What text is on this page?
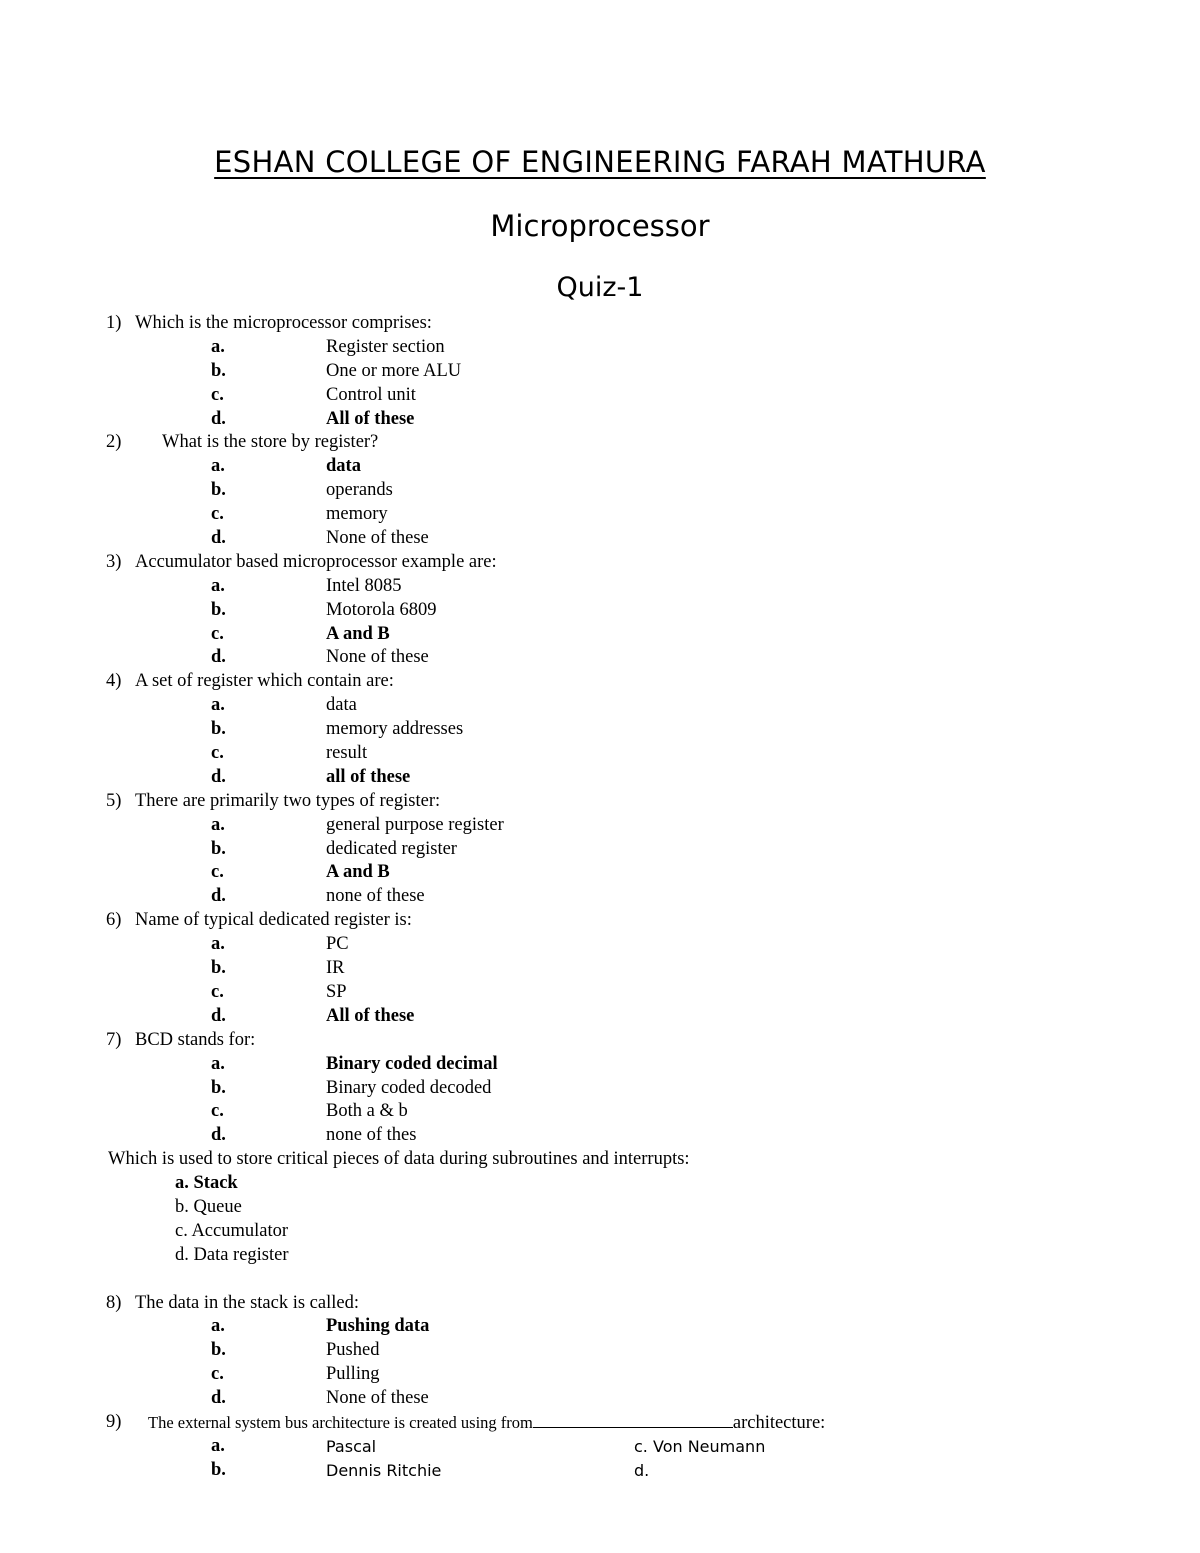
ESHAN COLLEGE OF ENGINEERING FARAH MATHURA
Microprocessor
Quiz-1
1) Which is the microprocessor comprises:
a.	Register section
b.	One or more ALU
c.	Control unit
d.	All of these
2) What is the store by register?
a.	data
b.	operands
c.	memory
d.	None of these
3) Accumulator based microprocessor example are:
a.	Intel 8085
b.	Motorola 6809
c.	A and B
d.	None of these
4) A set of register which contain are:
a.	data
b.	memory addresses
c.	result
d.	all of these
5) There are primarily two types of register:
a.	general purpose register
b.	dedicated register
c.	A and B
d.	none of these
6) Name of typical dedicated register is:
a.	PC
b.	IR
c.	SP
d.	All of these
7) BCD stands for:
a.	Binary coded decimal
b.	Binary coded decoded
c.	Both a & b
d.	none of thes
Which is used to store critical pieces of data during subroutines and interrupts:
a. Stack
b. Queue
c. Accumulator
d. Data register
8) The data in the stack is called:
a.	Pushing data
b.	Pushed
c.	Pulling
d.	None of these
9) The external system bus architecture is created using from	architecture:
a.	Pascal	c. Von Neumann
b.	Dennis Ritchie	d.
